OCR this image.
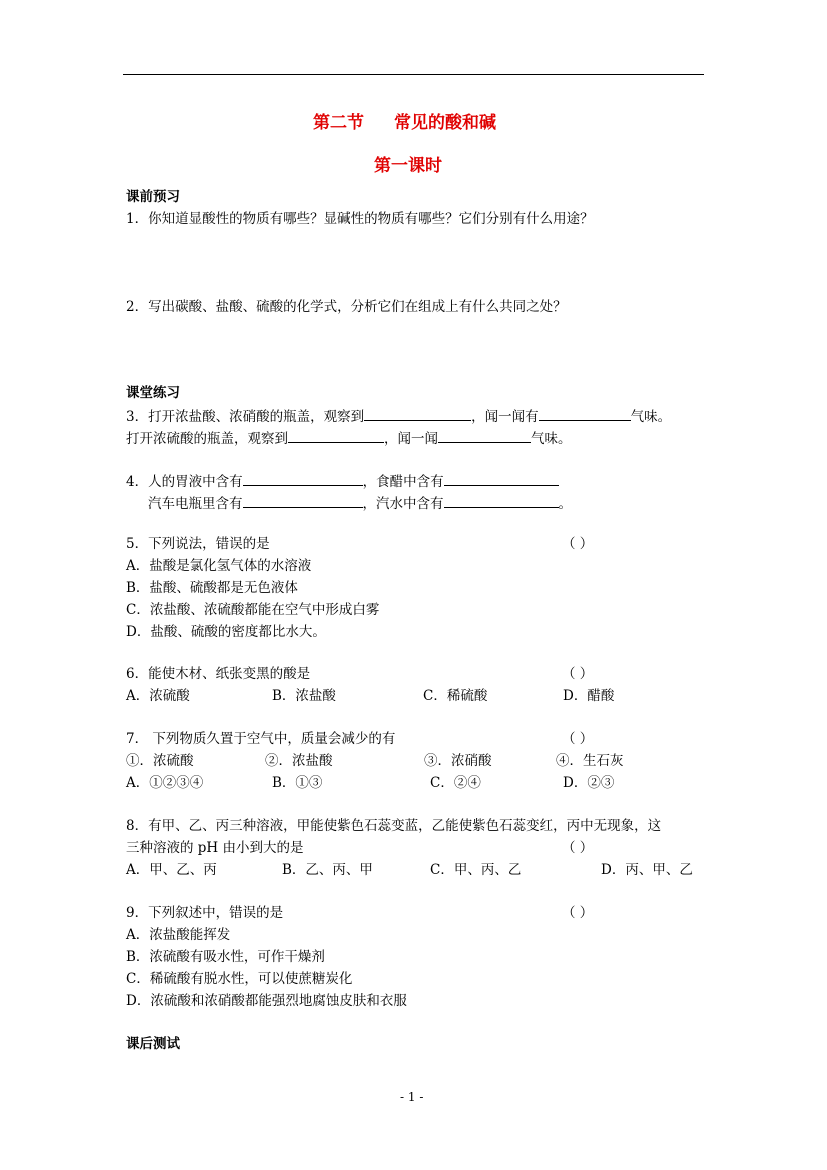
第二节 常见的酸和碱
第一课时
课前预习
1．你知道显酸性的物质有哪些？显碱性的物质有哪些？它们分别有什么用途？
2．写出碳酸、盐酸、硫酸的化学式，分析它们在组成上有什么共同之处？
课堂练习
3．打开浓盐酸、浓硝酸的瓶盖，观察到	，闻一闻有	气味。
打开浓硫酸的瓶盖，观察到	，闻一闻	气味。
4．人的胃液中含有	，食醋中含有
汽车电瓶里含有	，汽水中含有	。
5．下列说法，错误的是	（ ）
A．盐酸是氯化氢气体的水溶液
B．盐酸、硫酸都是无色液体
C．浓盐酸、浓硫酸都能在空气中形成白雾
D．盐酸、硫酸的密度都比水大。
6．能使木材、纸张变黑的酸是	（ ）
A．浓硫酸	B．浓盐酸	C．稀硫酸	D．醋酸
7． 下列物质久置于空气中，质量会减少的有	（ ）
①．浓硫酸	②．浓盐酸	③．浓硝酸	④．生石灰
A．①②③④	B．①③	C．②④	D．②③
8．有甲、乙、丙三种溶液，甲能使紫色石蕊变蓝，乙能使紫色石蕊变红，丙中无现象，这
三种溶液的 pH 由小到大的是	（ ）
A．甲、乙、丙	B．乙、丙、甲	C．甲、丙、乙	D．丙、甲、乙
9．下列叙述中，错误的是	（ ）
A．浓盐酸能挥发
B．浓硫酸有吸水性，可作干燥剂
C．稀硫酸有脱水性，可以使蔗糖炭化
D．浓硫酸和浓硝酸都能强烈地腐蚀皮肤和衣服
课后测试
- 1 -
